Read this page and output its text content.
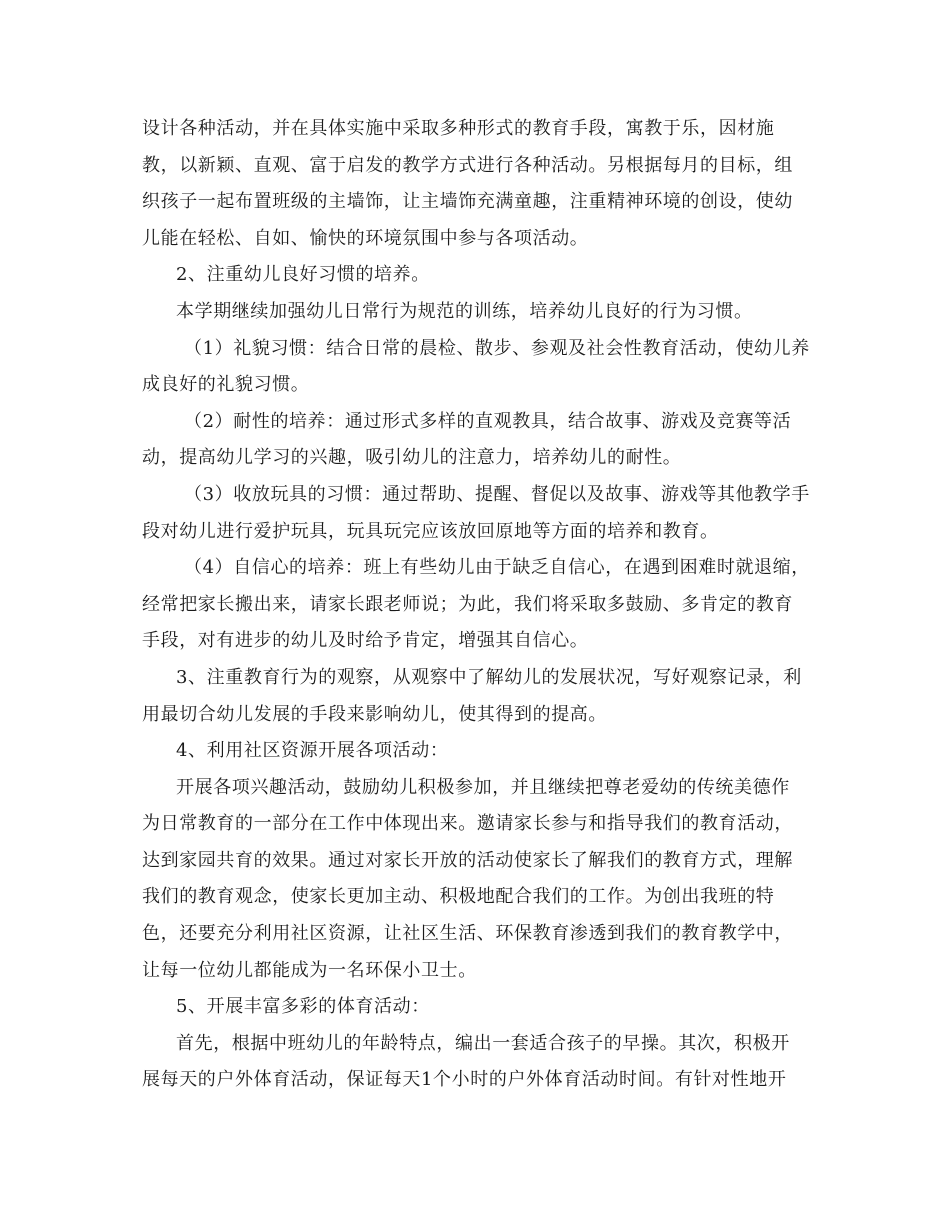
设计各种活动，并在具体实施中采取多种形式的教育手段，寓教于乐，因材施
教，以新颖、直观、富于启发的教学方式进行各种活动。另根据每月的目标，组
织孩子一起布置班级的主墙饰，让主墙饰充满童趣，注重精神环境的创设，使幼
儿能在轻松、自如、愉快的环境氛围中参与各项活动。
2、注重幼儿良好习惯的培养。
本学期继续加强幼儿日常行为规范的训练，培养幼儿良好的行为习惯。
（1）礼貌习惯：结合日常的晨检、散步、参观及社会性教育活动，使幼儿养
成良好的礼貌习惯。
（2）耐性的培养：通过形式多样的直观教具，结合故事、游戏及竞赛等活
动，提高幼儿学习的兴趣，吸引幼儿的注意力，培养幼儿的耐性。
（3）收放玩具的习惯：通过帮助、提醒、督促以及故事、游戏等其他教学手
段对幼儿进行爱护玩具，玩具玩完应该放回原地等方面的培养和教育。
（4）自信心的培养：班上有些幼儿由于缺乏自信心，在遇到困难时就退缩，
经常把家长搬出来，请家长跟老师说；为此，我们将采取多鼓励、多肯定的教育
手段，对有进步的幼儿及时给予肯定，增强其自信心。
3、注重教育行为的观察，从观察中了解幼儿的发展状况，写好观察记录，利
用最切合幼儿发展的手段来影响幼儿，使其得到的提高。
4、利用社区资源开展各项活动：
开展各项兴趣活动，鼓励幼儿积极参加，并且继续把尊老爱幼的传统美德作
为日常教育的一部分在工作中体现出来。邀请家长参与和指导我们的教育活动，
达到家园共育的效果。通过对家长开放的活动使家长了解我们的教育方式，理解
我们的教育观念，使家长更加主动、积极地配合我们的工作。为创出我班的特
色，还要充分利用社区资源，让社区生活、环保教育渗透到我们的教育教学中，
让每一位幼儿都能成为一名环保小卫士。
5、开展丰富多彩的体育活动：
首先，根据中班幼儿的年龄特点，编出一套适合孩子的早操。其次，积极开
展每天的户外体育活动，保证每天1个小时的户外体育活动时间。有针对性地开
